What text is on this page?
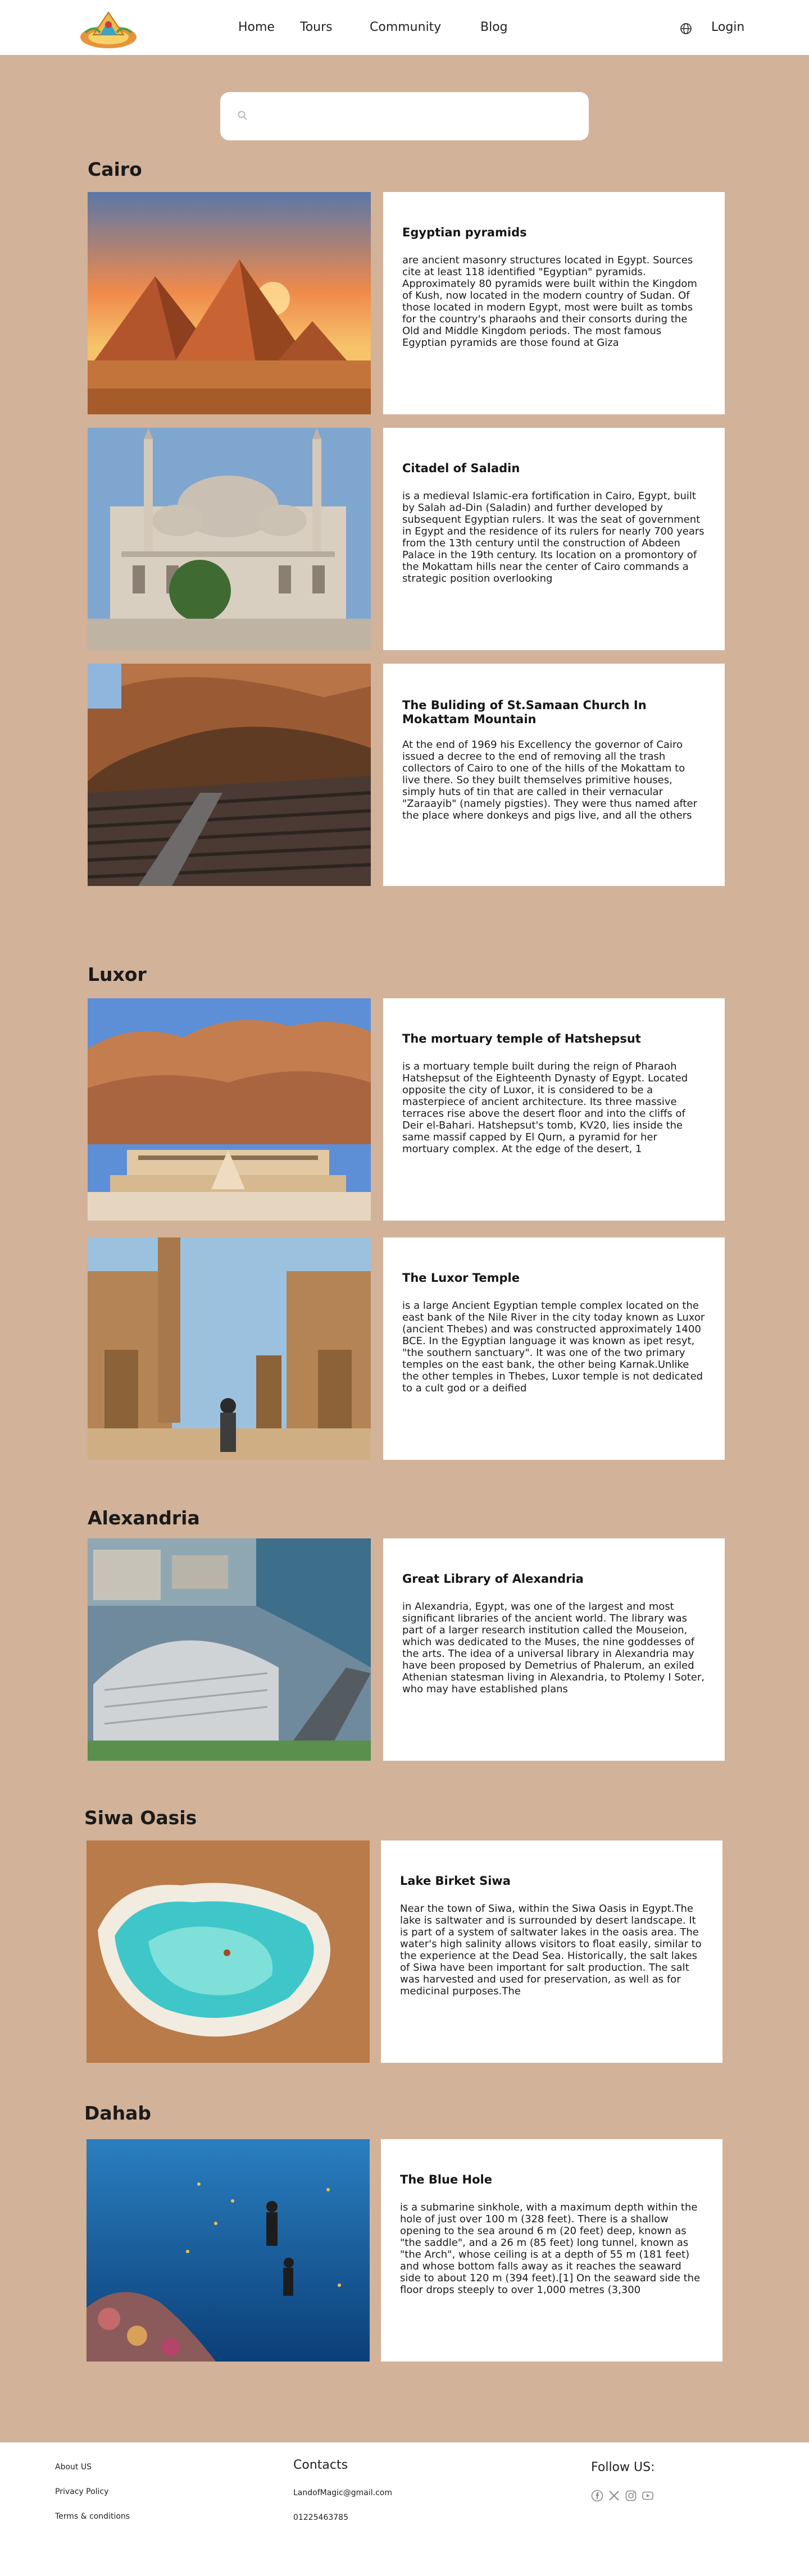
Home Tours	Community	Blog	Login
Cairo
Egyptian pyramids

are ancient masonry structures located in Egypt. Sources cite at least 118 identified "Egyptian" pyramids. Approximately 80 pyramids were built within the Kingdom of Kush, now located in the modern country of Sudan. Of those located in modern Egypt, most were built as tombs for the country's pharaohs and their consorts during the Old and Middle Kingdom periods. The most famous Egyptian pyramids are those found at Giza

Citadel of Saladin

is a medieval Islamic-era fortification in Cairo, Egypt, built by Salah ad-Din (Saladin) and further developed by subsequent Egyptian rulers. It was the seat of government in Egypt and the residence of its rulers for nearly 700 years from the 13th century until the construction of Abdeen Palace in the 19th century. Its location on a promontory of the Mokattam hills near the center of Cairo commands a strategic position overlooking

The Buliding of St.Samaan Church In Mokattam Mountain

At the end of 1969 his Excellency the governor of Cairo issued a decree to the end of removing all the trash collectors of Cairo to one of the hills of the Mokattam to live there. So they built themselves primitive houses, simply huts of tin that are called in their vernacular "Zaraayib" (namely pigsties). They were thus named after the place where donkeys and pigs live, and all the others

Luxor
The mortuary temple of Hatshepsut

is a mortuary temple built during the reign of Pharaoh Hatshepsut of the Eighteenth Dynasty of Egypt. Located opposite the city of Luxor, it is considered to be a masterpiece of ancient architecture. Its three massive terraces rise above the desert floor and into the cliffs of Deir el-Bahari. Hatshepsut's tomb, KV20, lies inside the same massif capped by El Qurn, a pyramid for her mortuary complex. At the edge of the desert, 1

The Luxor Temple

is a large Ancient Egyptian temple complex located on the east bank of the Nile River in the city today known as Luxor (ancient Thebes) and was constructed approximately 1400 BCE. In the Egyptian language it was known as ipet resyt, "the southern sanctuary". It was one of the two primary temples on the east bank, the other being Karnak.Unlike the other temples in Thebes, Luxor temple is not dedicated to a cult god or a deified

Alexandria
Great Library of Alexandria

in Alexandria, Egypt, was one of the largest and most significant libraries of the ancient world. The library was part of a larger research institution called the Mouseion, which was dedicated to the Muses, the nine goddesses of the arts. The idea of a universal library in Alexandria may have been proposed by Demetrius of Phalerum, an exiled Athenian statesman living in Alexandria, to Ptolemy I Soter, who may have established plans

Siwa Oasis
Lake Birket Siwa

Near the town of Siwa, within the Siwa Oasis in Egypt.The lake is saltwater and is surrounded by desert landscape. It is part of a system of saltwater lakes in the oasis area. The water's high salinity allows visitors to float easily, similar to the experience at the Dead Sea. Historically, the salt lakes of Siwa have been important for salt production. The salt was harvested and used for preservation, as well as for medicinal purposes.The

Dahab
The Blue Hole

is a submarine sinkhole, with a maximum depth within the hole of just over 100 m (328 feet). There is a shallow opening to the sea around 6 m (20 feet) deep, known as "the saddle", and a 26 m (85 feet) long tunnel, known as "the Arch", whose ceiling is at a depth of 55 m (181 feet) and whose bottom falls away as it reaches the seaward side to about 120 m (394 feet).[1] On the seaward side the floor drops steeply to over 1,000 metres (3,300

About US
Privacy Policy
Terms & conditions
Contacts
LandofMagic@gmail.com
01225463785
Follow US:
